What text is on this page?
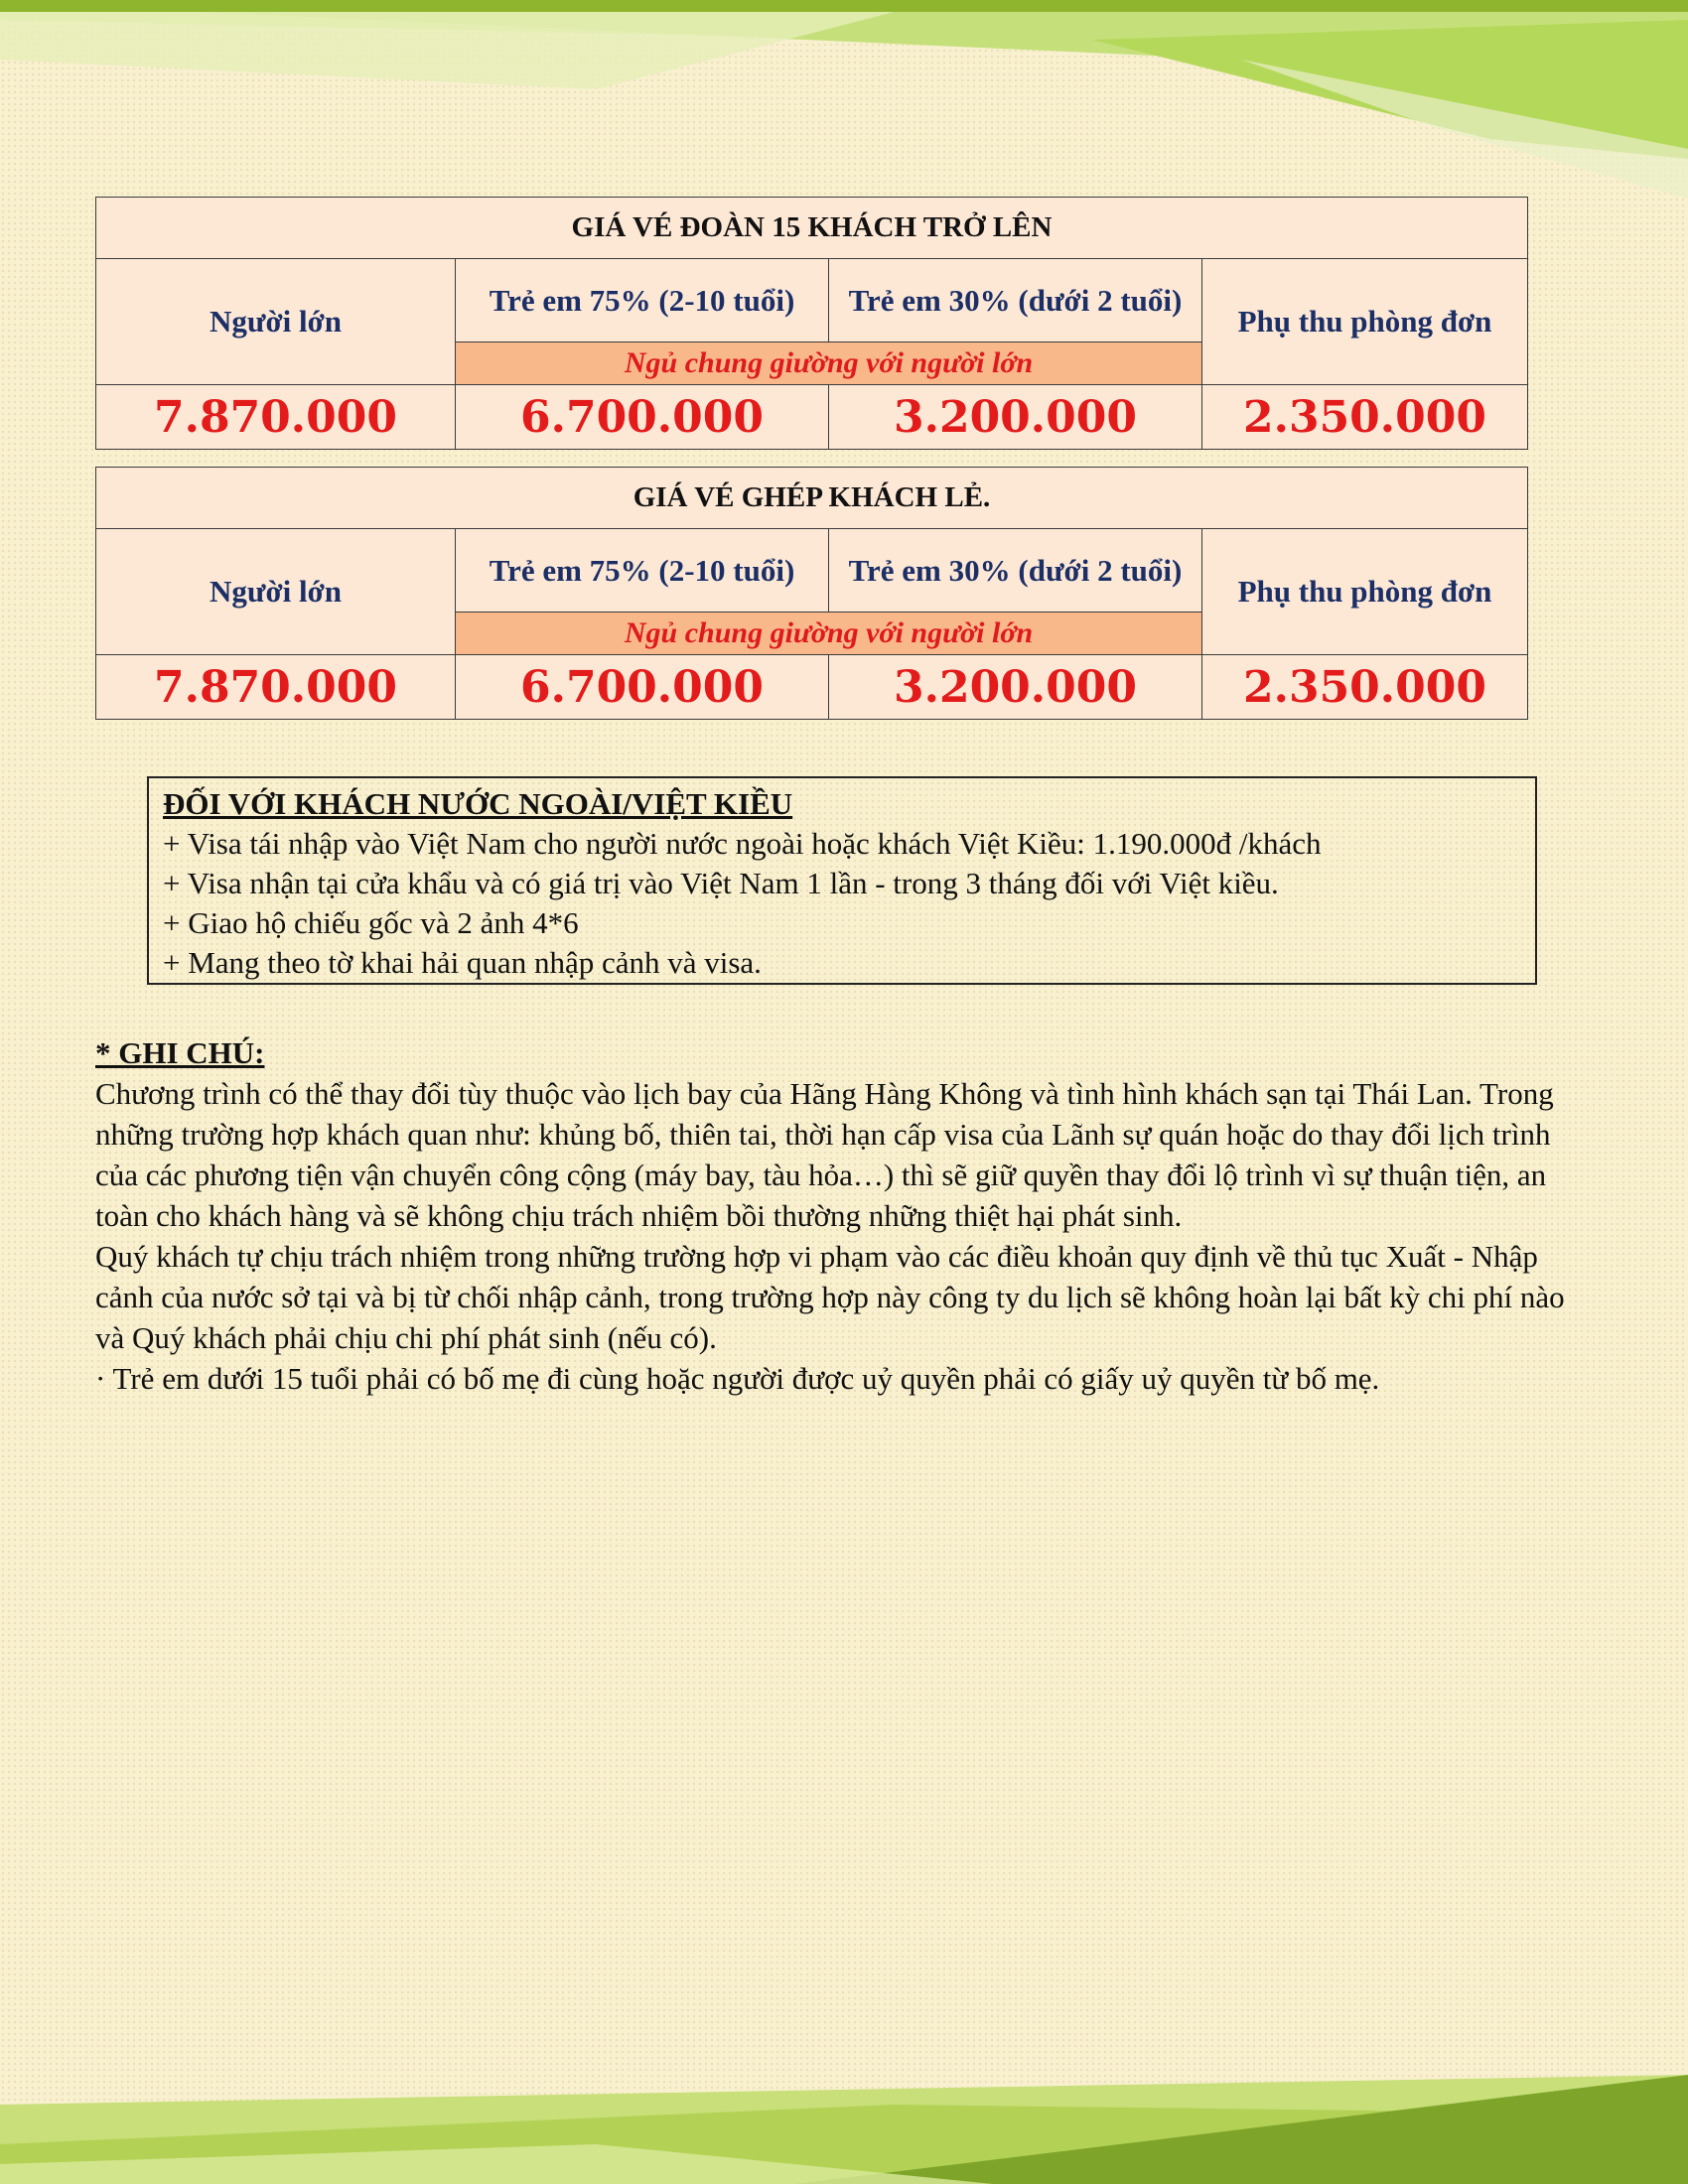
GIÁ VÉ ĐOÀN 15 KHÁCH TRỞ LÊN			
Người lớn	Trẻ em 75% (2-10 tuổi)	Trẻ em 30% (dưới 2 tuổi)	Phụ thu phòng đơn
	Ngủ chung giường với người lớn		
7.870.000	6.700.000	3.200.000	2.350.000
GIÁ VÉ GHÉP KHÁCH LẺ.			
Người lớn	Trẻ em 75% (2-10 tuổi)	Trẻ em 30% (dưới 2 tuổi)	Phụ thu phòng đơn
	Ngủ chung giường với người lớn		
7.870.000	6.700.000	3.200.000	2.350.000
ĐỐI VỚI KHÁCH NƯỚC NGOÀI/VIỆT KIỀU
+ Visa tái nhập vào Việt Nam cho người nước ngoài hoặc khách Việt Kiều: 1.190.000đ /khách
+ Visa nhận tại cửa khẩu và có giá trị vào Việt Nam 1 lần - trong 3 tháng đối với Việt kiều.
+ Giao hộ chiếu gốc và 2 ảnh 4*6
+ Mang theo tờ khai hải quan nhập cảnh và visa.
* GHI CHÚ:

Chương trình có thể thay đổi tùy thuộc vào lịch bay của Hãng Hàng Không và tình hình khách sạn tại Thái Lan. Trong những trường hợp khách quan như: khủng bố, thiên tai, thời hạn cấp visa của Lãnh sự quán hoặc do thay đổi lịch trình của các phương tiện vận chuyển công cộng (máy bay, tàu hỏa…) thì sẽ giữ quyền thay đổi lộ trình vì sự thuận tiện, an toàn cho khách hàng và sẽ không chịu trách nhiệm bồi thường những thiệt hại phát sinh.

Quý khách tự chịu trách nhiệm trong những trường hợp vi phạm vào các điều khoản quy định về thủ tục Xuất - Nhập cảnh của nước sở tại và bị từ chối nhập cảnh, trong trường hợp này công ty du lịch sẽ không hoàn lại bất kỳ chi phí nào và Quý khách phải chịu chi phí phát sinh (nếu có).

· Trẻ em dưới 15 tuổi phải có bố mẹ đi cùng hoặc người được uỷ quyền phải có giấy uỷ quyền từ bố mẹ.
